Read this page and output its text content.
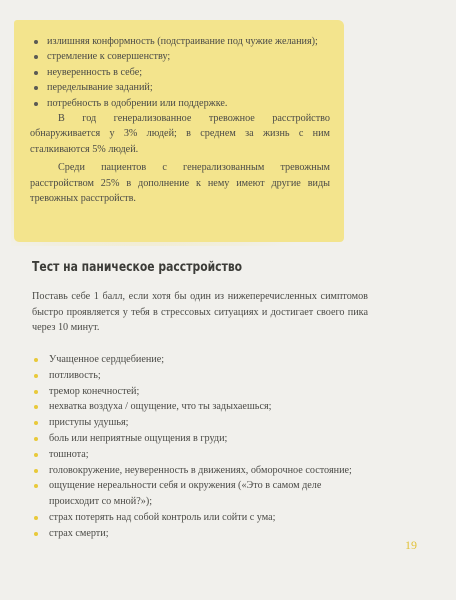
излишняя конформность (подстраивание под чужие желания);
стремление к совершенству;
неуверенность в себе;
переделывание заданий;
потребность в одобрении или поддержке.

В год генерализованное тревожное расстройство обнаруживается у 3% людей; в среднем за жизнь с ним сталкиваются 5% людей.

Среди пациентов с генерализованным тревожным расстройством 25% в дополнение к нему имеют другие виды тревожных расстройств.

Тест на паническое расстройство

Поставь себе 1 балл, если хотя бы один из нижеперечисленных симптомов быстро проявляется у тебя в стрессовых ситуациях и достигает своего пика через 10 минут.

Учащенное сердцебиение;
потливость;
тремор конечностей;
нехватка воздуха / ощущение, что ты задыхаешься;
приступы удушья;
боль или неприятные ощущения в груди;
тошнота;
головокружение, неуверенность в движениях, обморочное состояние;
ощущение нереальности себя и окружения («Это в самом деле происходит со мной?»);
страх потерять над собой контроль или сойти с ума;
страх смерти;

19
